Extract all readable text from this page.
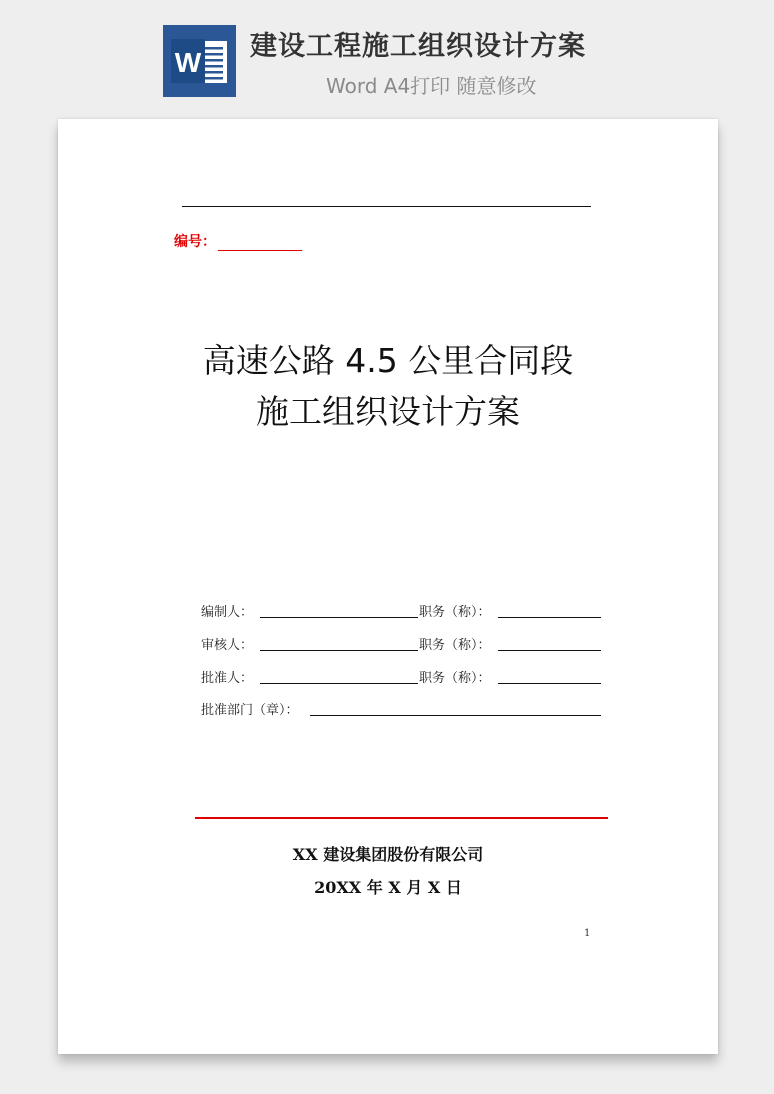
W
建设工程施工组织设计方案
Word A4打印 随意修改
编号：
高速公路 4.5 公里合同段
施工组织设计方案
编制人：	职务（称）：
审核人：	职务（称）：
批准人：	职务（称）：
批准部门（章）：
XX 建设集团股份有限公司
20XX 年 X 月 X 日
1
